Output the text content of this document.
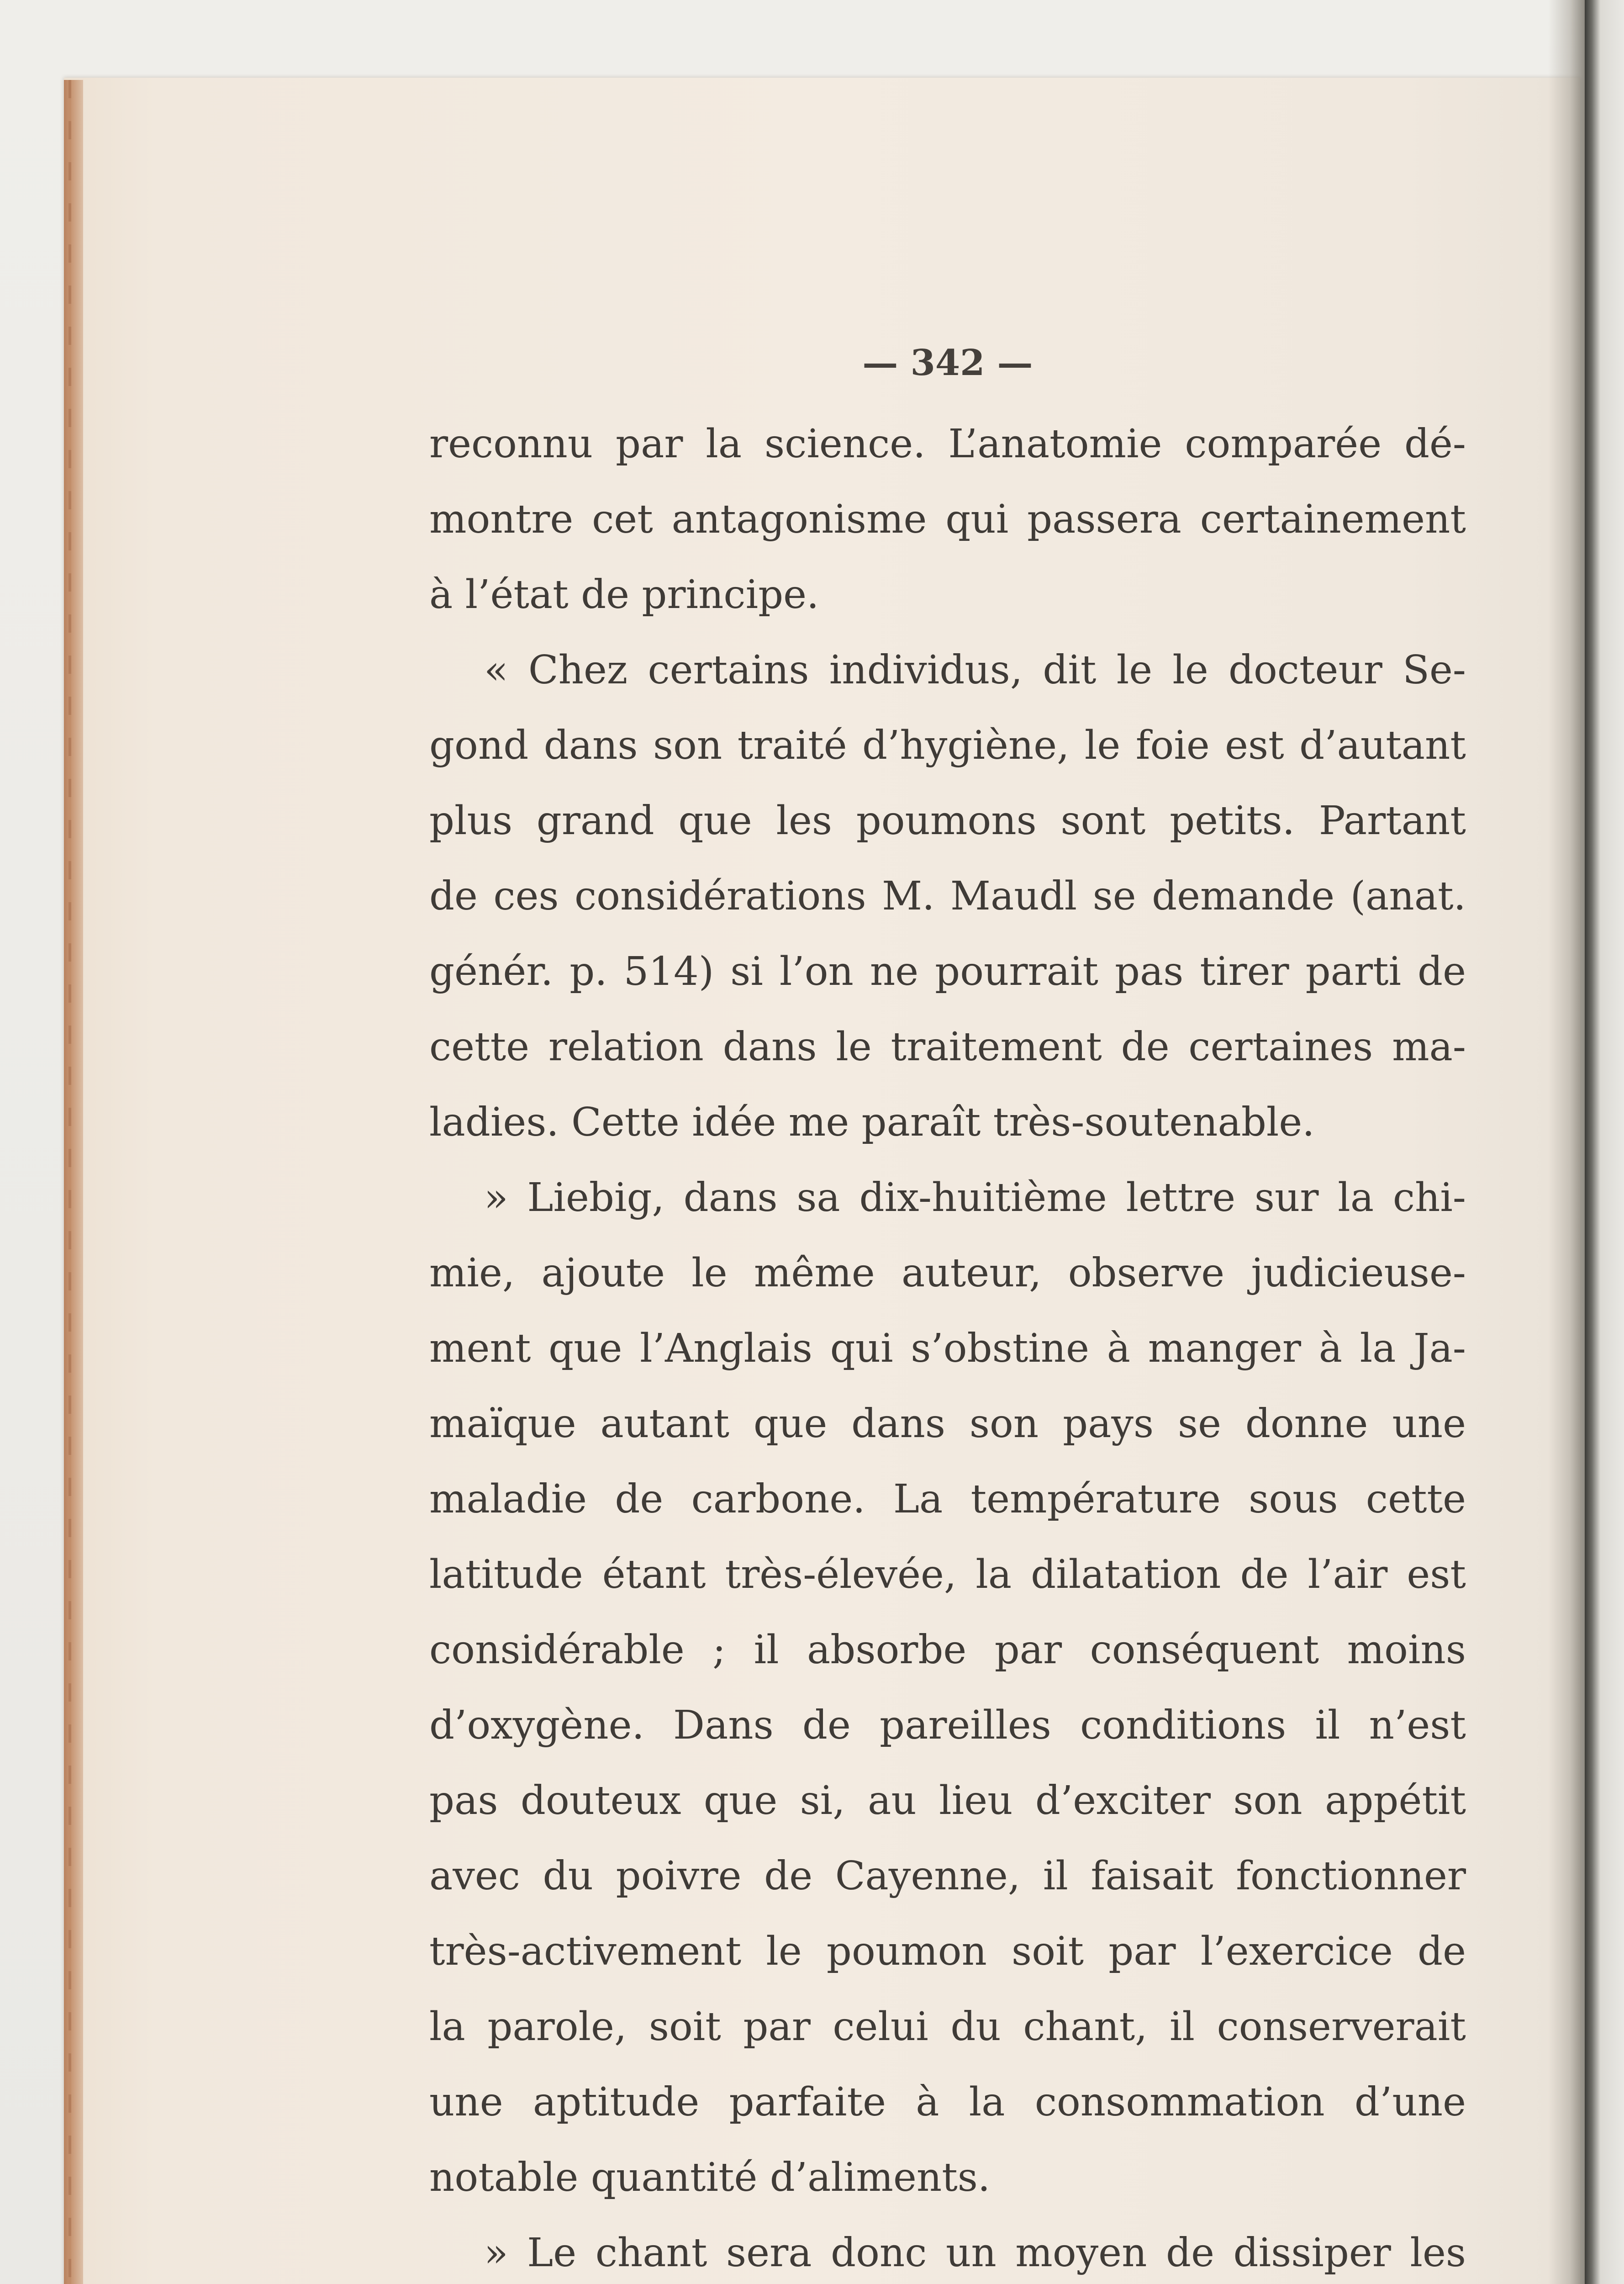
— 342 —
reconnu par la science. L’anatomie comparée dé-
montre cet antagonisme qui passera certainement
à l’état de principe.
« Chez certains individus, dit le le docteur Se-
gond dans son traité d’hygiène, le foie est d’autant
plus grand que les poumons sont petits. Partant
de ces considérations M. Maudl se demande (anat.
génér. p. 514) si l’on ne pourrait pas tirer parti de
cette relation dans le traitement de certaines ma-
ladies. Cette idée me paraît très-soutenable.
» Liebig, dans sa dix-huitième lettre sur la chi-
mie, ajoute le même auteur, observe judicieuse-
ment que l’Anglais qui s’obstine à manger à la Ja-
maïque autant que dans son pays se donne une
maladie de carbone. La température sous cette
latitude étant très-élevée, la dilatation de l’air est
considérable ; il absorbe par conséquent moins
d’oxygène. Dans de pareilles conditions il n’est
pas douteux que si, au lieu d’exciter son appétit
avec du poivre de Cayenne, il faisait fonctionner
très-activement le poumon soit par l’exercice de
la parole, soit par celui du chant, il conserverait
une aptitude parfaite à la consommation d’une
notable quantité d’aliments.
» Le chant sera donc un moyen de dissiper les
